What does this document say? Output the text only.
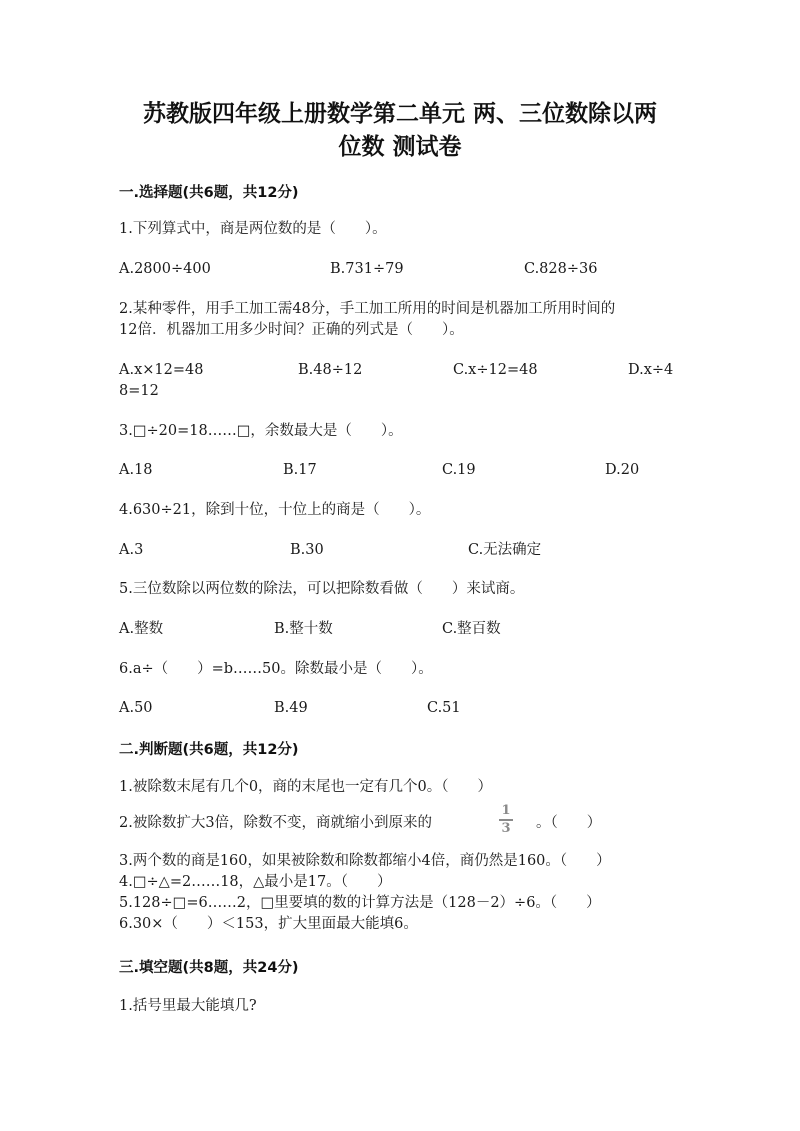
苏教版四年级上册数学第二单元 两、三位数除以两
位数 测试卷
一.选择题(共6题，共12分)
1.下列算式中，商是两位数的是（　　）。
A.2800÷400	B.731÷79	C.828÷36
2.某种零件，用手工加工需48分，手工加工所用的时间是机器加工所用时间的
12倍．机器加工用多少时间？正确的列式是（　　）。
A.x×12=48	B.48÷12	C.x÷12=48	D.x÷4
8=12
3.□÷20=18……□，余数最大是（　　）。
A.18	B.17	C.19	D.20
4.630÷21，除到十位，十位上的商是（　　）。
A.3	B.30	C.无法确定
5.三位数除以两位数的除法，可以把除数看做（　　）来试商。
A.整数	B.整十数	C.整百数
6.a÷（　　）=b……50。除数最小是（　　）。
A.50	B.49	C.51
二.判断题(共6题，共12分)
1.被除数末尾有几个0，商的末尾也一定有几个0。（　　）
2.被除数扩大3倍，除数不变，商就缩小到原来的
1
3 。（　　）
3.两个数的商是160，如果被除数和除数都缩小4倍，商仍然是160。（　　）
4.□÷△=2……18，△最小是17。（　　）
5.128÷□=6……2，□里要填的数的计算方法是（128－2）÷6。（　　）
6.30×（　　）＜153，扩大里面最大能填6。
三.填空题(共8题，共24分)
1.括号里最大能填几?
